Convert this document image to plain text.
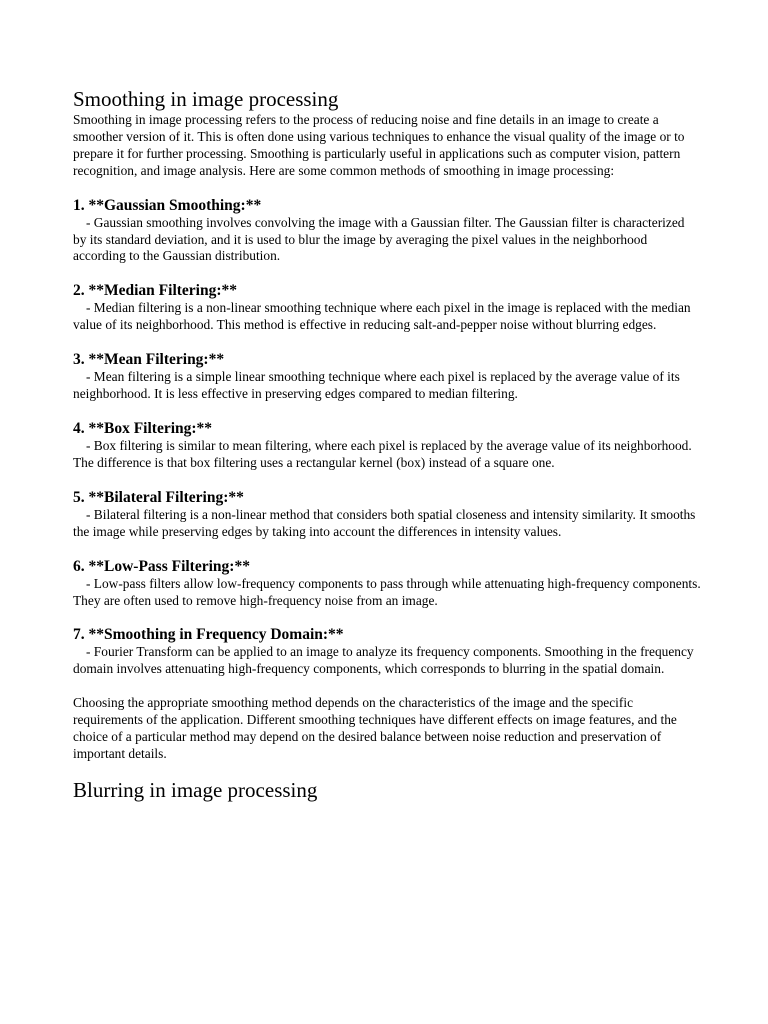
Smoothing in image processing

Smoothing in image processing refers to the process of reducing noise and fine details in an image to create a smoother version of it. This is often done using various techniques to enhance the visual quality of the image or to prepare it for further processing. Smoothing is particularly useful in applications such as computer vision, pattern recognition, and image analysis. Here are some common methods of smoothing in image processing:

1. **Gaussian Smoothing:**

- Gaussian smoothing involves convolving the image with a Gaussian filter. The Gaussian filter is characterized by its standard deviation, and it is used to blur the image by averaging the pixel values in the neighborhood according to the Gaussian distribution.

2. **Median Filtering:**

- Median filtering is a non-linear smoothing technique where each pixel in the image is replaced with the median value of its neighborhood. This method is effective in reducing salt-and-pepper noise without blurring edges.

3. **Mean Filtering:**

- Mean filtering is a simple linear smoothing technique where each pixel is replaced by the average value of its neighborhood. It is less effective in preserving edges compared to median filtering.

4. **Box Filtering:**

- Box filtering is similar to mean filtering, where each pixel is replaced by the average value of its neighborhood. The difference is that box filtering uses a rectangular kernel (box) instead of a square one.

5. **Bilateral Filtering:**

- Bilateral filtering is a non-linear method that considers both spatial closeness and intensity similarity. It smooths the image while preserving edges by taking into account the differences in intensity values.

6. **Low-Pass Filtering:**

- Low-pass filters allow low-frequency components to pass through while attenuating high-frequency components. They are often used to remove high-frequency noise from an image.

7. **Smoothing in Frequency Domain:**

- Fourier Transform can be applied to an image to analyze its frequency components. Smoothing in the frequency domain involves attenuating high-frequency components, which corresponds to blurring in the spatial domain.

Choosing the appropriate smoothing method depends on the characteristics of the image and the specific requirements of the application. Different smoothing techniques have different effects on image features, and the choice of a particular method may depend on the desired balance between noise reduction and preservation of important details.

Blurring in image processing
